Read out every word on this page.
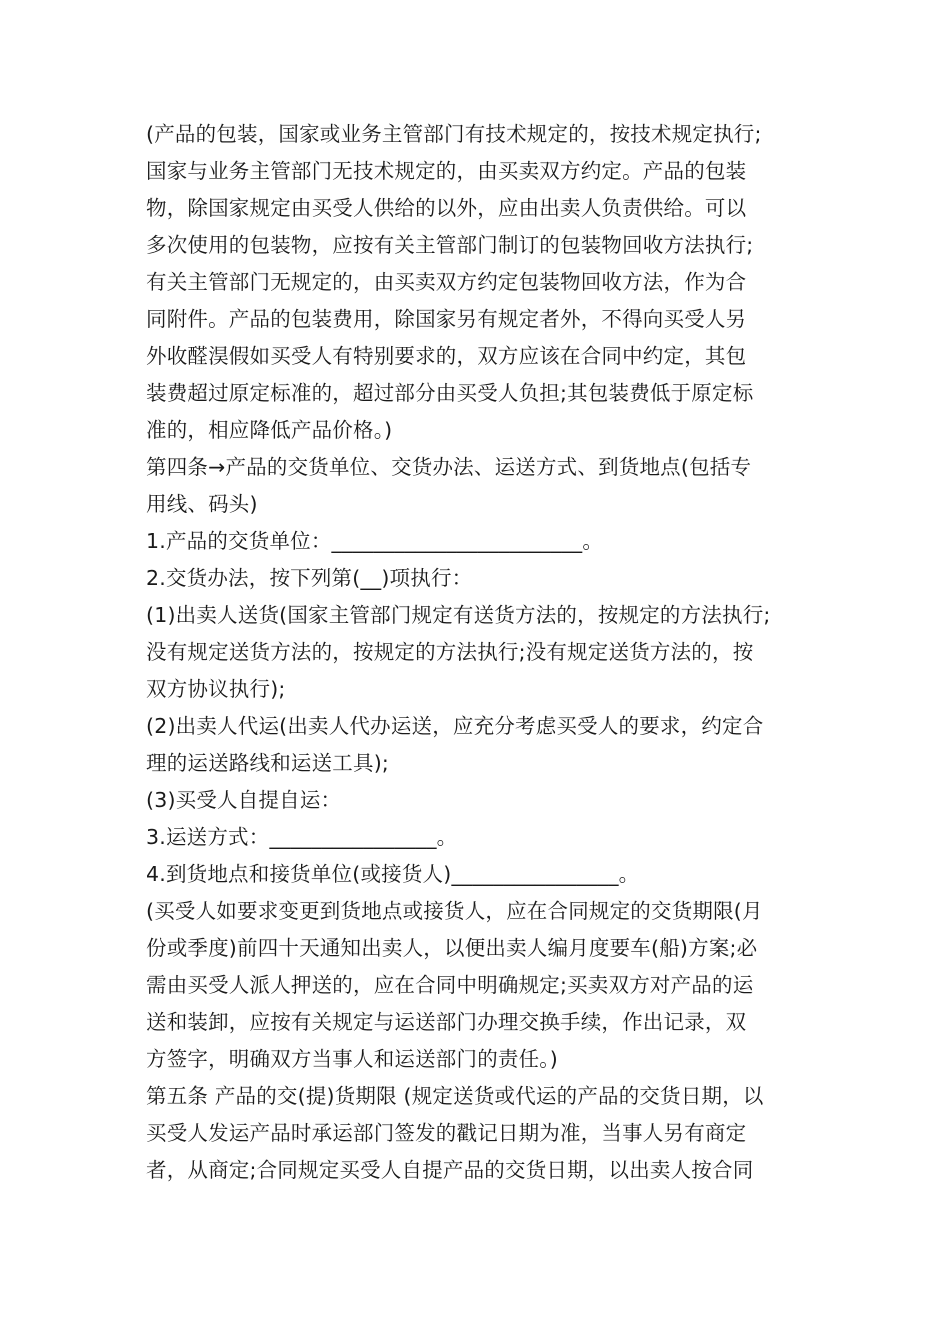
(产品的包装，国家或业务主管部门有技术规定的，按技术规定执行;
国家与业务主管部门无技术规定的，由买卖双方约定。产品的包装
物，除国家规定由买受人供给的以外，应由出卖人负责供给。可以
多次使用的包装物，应按有关主管部门制订的包装物回收方法执行;
有关主管部门无规定的，由买卖双方约定包装物回收方法，作为合
同附件。产品的包装费用，除国家另有规定者外，不得向买受人另
外收醛淏假如买受人有特别要求的，双方应该在合同中约定，其包
装费超过原定标准的，超过部分由买受人负担;其包装费低于原定标
准的，相应降低产品价格。)
第四条→产品的交货单位、交货办法、运送方式、到货地点(包括专
用线、码头)
1.产品的交货单位：________________________。
2.交货办法，按下列第(__)项执行：
(1)出卖人送货(国家主管部门规定有送货方法的，按规定的方法执行;
没有规定送货方法的，按规定的方法执行;没有规定送货方法的，按
双方协议执行);
(2)出卖人代运(出卖人代办运送，应充分考虑买受人的要求，约定合
理的运送路线和运送工具);
(3)买受人自提自运：
3.运送方式：________________。
4.到货地点和接货单位(或接货人)________________。
(买受人如要求变更到货地点或接货人，应在合同规定的交货期限(月
份或季度)前四十天通知出卖人，以便出卖人编月度要车(船)方案;必
需由买受人派人押送的，应在合同中明确规定;买卖双方对产品的运
送和装卸，应按有关规定与运送部门办理交换手续，作出记录，双
方签字，明确双方当事人和运送部门的责任。)
第五条 产品的交(提)货期限 (规定送货或代运的产品的交货日期，以
买受人发运产品时承运部门签发的戳记日期为准，当事人另有商定
者，从商定;合同规定买受人自提产品的交货日期，以出卖人按合同
